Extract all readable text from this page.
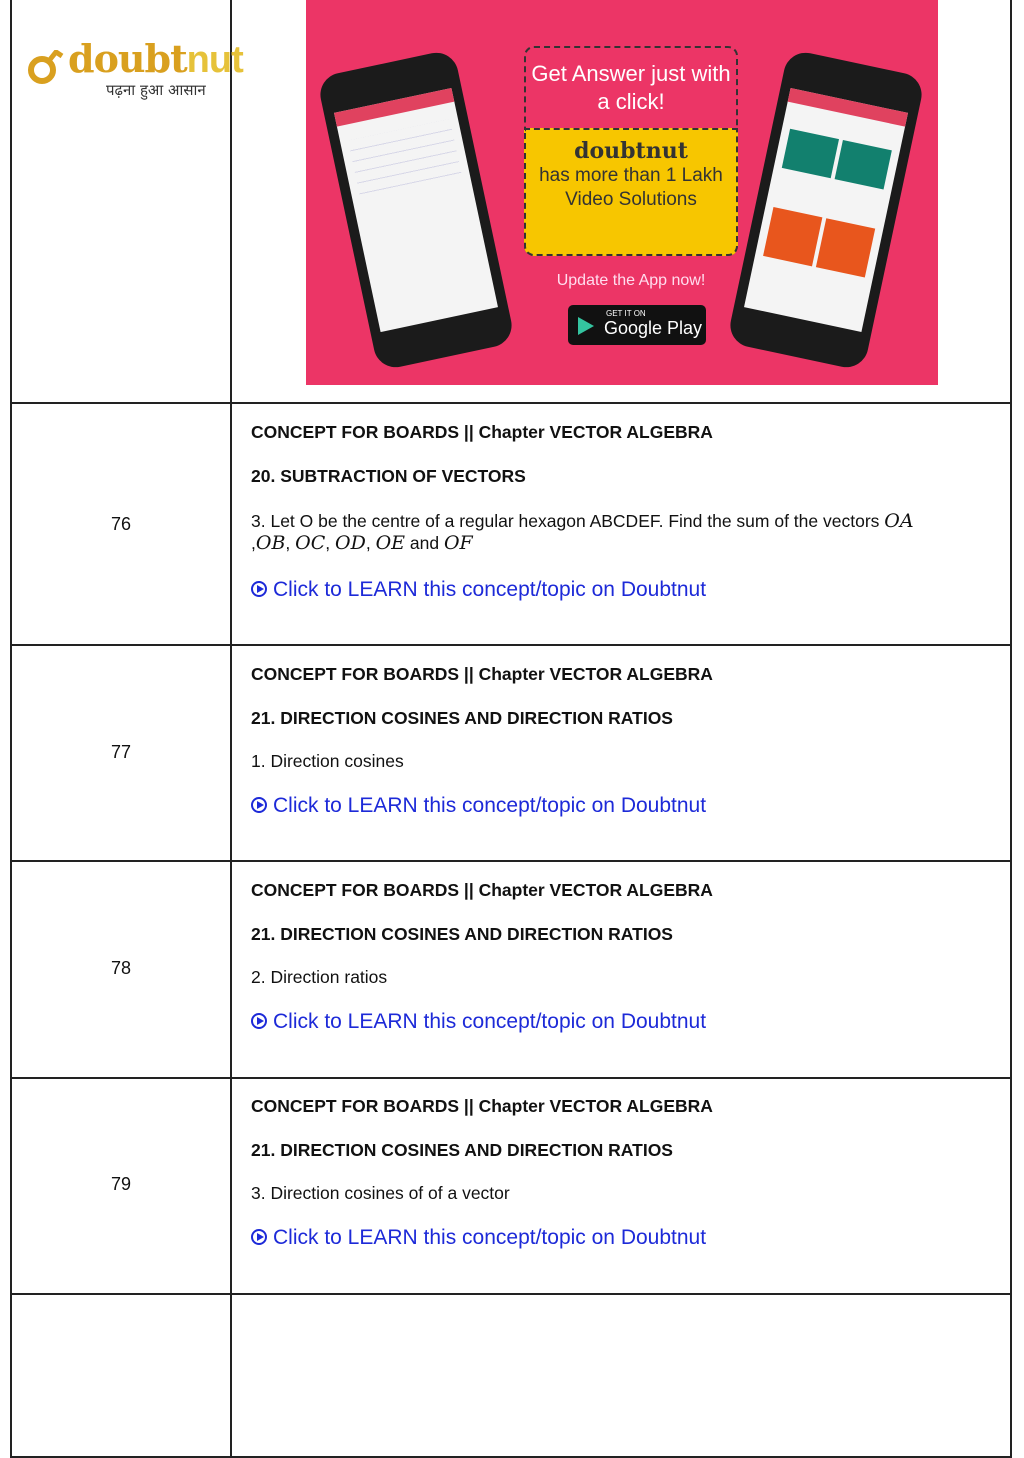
doubtnut
पढ़ना हुआ आसान
Get Answer just with a click!
doubtnut
has more than 1 Lakh Video Solutions
Update the App now!
GET IT ON
Google Play
76
CONCEPT FOR BOARDS || Chapter VECTOR ALGEBRA
20. SUBTRACTION OF VECTORS
3. Let O be the centre of a regular hexagon ABCDEF. Find the sum of the vectors OA
,OB, OC, OD, OE and OF
Click to LEARN this concept/topic on Doubtnut
77
CONCEPT FOR BOARDS || Chapter VECTOR ALGEBRA
21. DIRECTION COSINES AND DIRECTION RATIOS
1. Direction cosines
Click to LEARN this concept/topic on Doubtnut
78
CONCEPT FOR BOARDS || Chapter VECTOR ALGEBRA
21. DIRECTION COSINES AND DIRECTION RATIOS
2. Direction ratios
Click to LEARN this concept/topic on Doubtnut
79
CONCEPT FOR BOARDS || Chapter VECTOR ALGEBRA
21. DIRECTION COSINES AND DIRECTION RATIOS
3. Direction cosines of of a vector
Click to LEARN this concept/topic on Doubtnut
